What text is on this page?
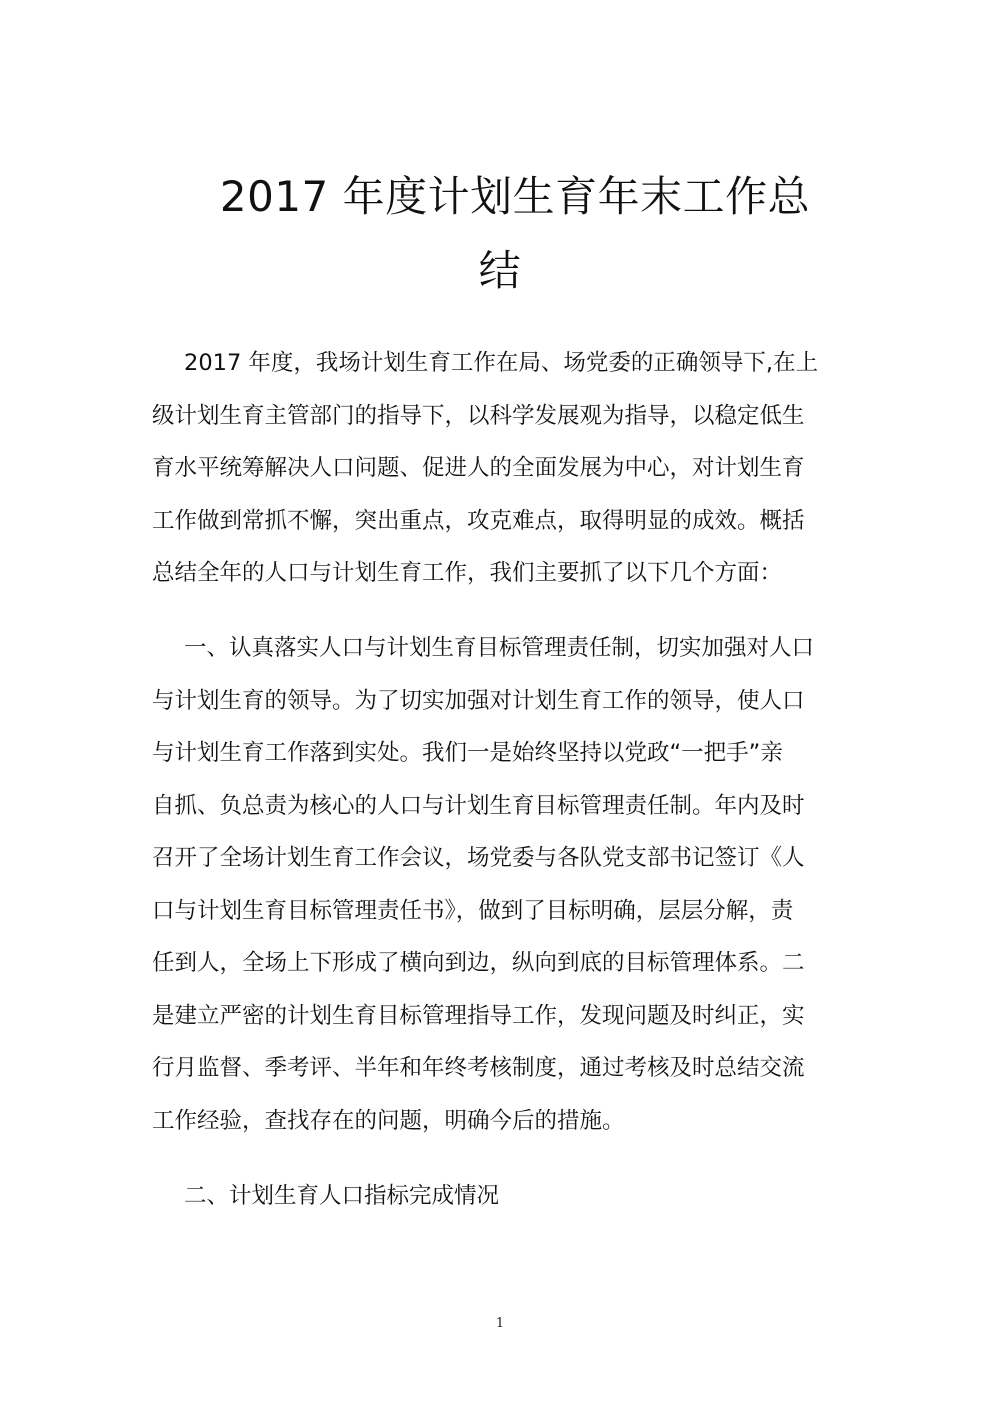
2017 年度计划生育年末工作总
结
2017 年度，我场计划生育工作在局、场党委的正确领导下,在上
级计划生育主管部门的指导下，以科学发展观为指导，以稳定低生
育水平统筹解决人口问题、促进人的全面发展为中心，对计划生育
工作做到常抓不懈，突出重点，攻克难点，取得明显的成效。概括
总结全年的人口与计划生育工作，我们主要抓了以下几个方面：
一、认真落实人口与计划生育目标管理责任制，切实加强对人口
与计划生育的领导。为了切实加强对计划生育工作的领导，使人口
与计划生育工作落到实处。我们一是始终坚持以党政“一把手”亲
自抓、负总责为核心的人口与计划生育目标管理责任制。年内及时
召开了全场计划生育工作会议，场党委与各队党支部书记签订《人
口与计划生育目标管理责任书》，做到了目标明确，层层分解，责
任到人，全场上下形成了横向到边，纵向到底的目标管理体系。二
是建立严密的计划生育目标管理指导工作，发现问题及时纠正，实
行月监督、季考评、半年和年终考核制度，通过考核及时总结交流
工作经验，查找存在的问题，明确今后的措施。
二、计划生育人口指标完成情况
1
